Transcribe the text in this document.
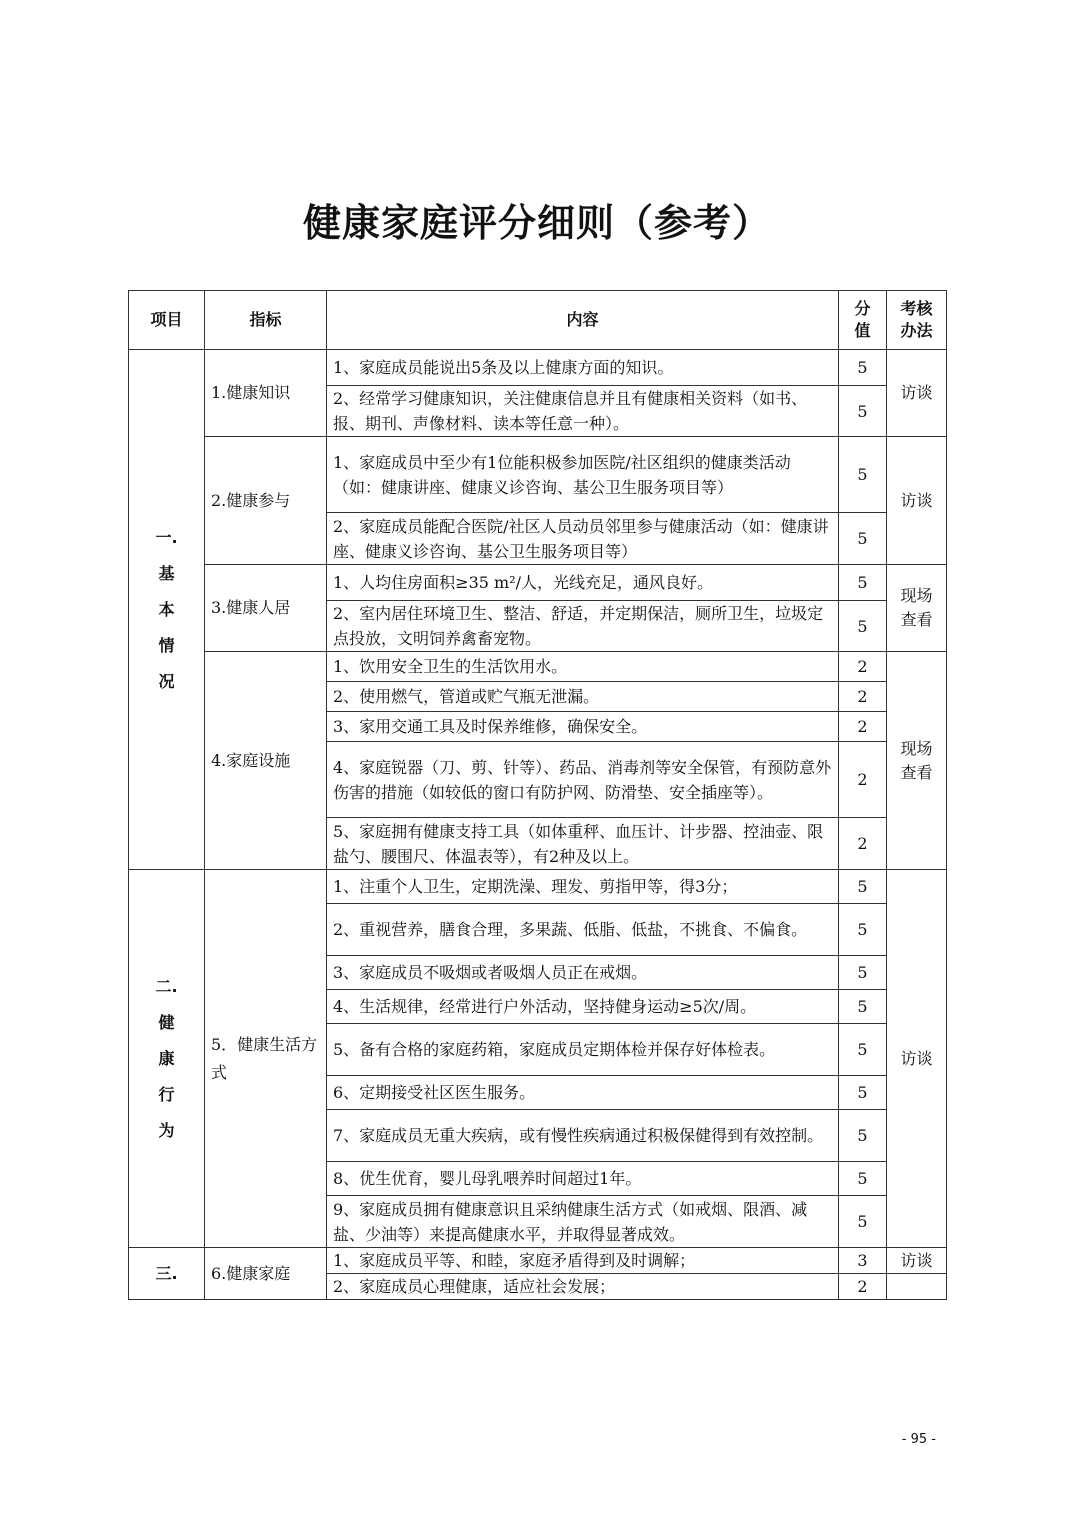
健康家庭评分细则（参考）
项目	指标	内容	分值	考核办法
一.
基
本
情
况	1.健康知识	1、家庭成员能说出5条及以上健康方面的知识。	5	访谈
		2、经常学习健康知识，关注健康信息并且有健康相关资料（如书、报、期刊、声像材料、读本等任意一种）。	5	
	2.健康参与	1、家庭成员中至少有1位能积极参加医院/社区组织的健康类活动（如：健康讲座、健康义诊咨询、基公卫生服务项目等）	5	访谈
		2、家庭成员能配合医院/社区人员动员邻里参与健康活动（如：健康讲座、健康义诊咨询、基公卫生服务项目等）	5	
	3.健康人居	1、人均住房面积≥35 m²/人，光线充足，通风良好。	5	现场查看
		2、室内居住环境卫生、整洁、舒适，并定期保洁，厕所卫生，垃圾定点投放，文明饲养禽畜宠物。	5	
	4.家庭设施	1、饮用安全卫生的生活饮用水。	2	现场查看
		2、使用燃气，管道或贮气瓶无泄漏。	2	
		3、家用交通工具及时保养维修，确保安全。	2	
		4、家庭锐器（刀、剪、针等）、药品、消毒剂等安全保管，有预防意外伤害的措施（如较低的窗口有防护网、防滑垫、安全插座等）。	2	
		5、家庭拥有健康支持工具（如体重秤、血压计、计步器、控油壶、限盐勺、腰围尺、体温表等），有2种及以上。	2	
二.
健
康
行
为	5．健康生活方式	1、注重个人卫生，定期洗澡、理发、剪指甲等，得3分；	5	访谈
		2、重视营养，膳食合理，多果蔬、低脂、低盐，不挑食、不偏食。	5	
		3、家庭成员不吸烟或者吸烟人员正在戒烟。	5	
		4、生活规律，经常进行户外活动，坚持健身运动≥5次/周。	5	
		5、备有合格的家庭药箱，家庭成员定期体检并保存好体检表。	5	
		6、定期接受社区医生服务。	5	
		7、家庭成员无重大疾病，或有慢性疾病通过积极保健得到有效控制。	5	
		8、优生优育，婴儿母乳喂养时间超过1年。	5	
		9、家庭成员拥有健康意识且采纳健康生活方式（如戒烟、限酒、减盐、少油等）来提高健康水平，并取得显著成效。	5	
三.	6.健康家庭	1、家庭成员平等、和睦，家庭矛盾得到及时调解；	3	访谈
		2、家庭成员心理健康，适应社会发展；	2	
- 95 -
